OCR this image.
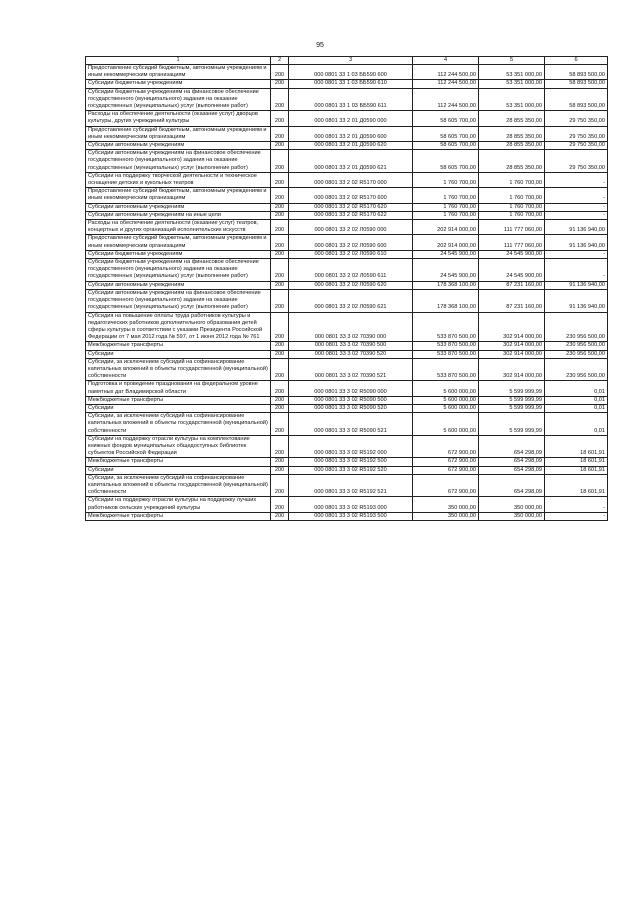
95
1	2	3	4	5	6
Предоставление субсидий бюджетным, автономным учреждениям и иным некоммерческим организациям	200	000 0801 33 1 03 ББ590 600	112 244 500,00	53 351 000,00	58 893 500,00
Субсидии бюджетным учреждениям	200	000 0801 33 1 03 ББ590 610	112 244 500,00	53 351 000,00	58 893 500,00
Субсидии бюджетным учреждениям на финансовое обеспечение государственного (муниципального) задания на оказание государственных (муниципальных) услуг (выполнение работ)	200	000 0801 33 1 03 ББ590 611	112 244 500,00	53 351 000,00	58 893 500,00
Расходы на обеспечение деятельности (оказание услуг) дворцов культуры, других учреждений культуры	200	000 0801 33 2 01 Д0590 000	58 605 700,00	28 855 350,00	29 750 350,00
Предоставление субсидий бюджетным, автономным учреждениям и иным некоммерческим организациям	200	000 0801 33 2 01 Д0590 600	58 605 700,00	28 855 350,00	29 750 350,00
Субсидии автономным учреждениям	200	000 0801 33 2 01 Д0590 620	58 605 700,00	28 855 350,00	29 750 350,00
Субсидии автономным учреждениям на финансовое обеспечение государственного (муниципального) задания на оказание государственных (муниципальных) услуг (выполнение работ)	200	000 0801 33 2 01 Д0590 621	58 605 700,00	28 855 350,00	29 750 350,00
Субсидии на поддержку творческой деятельности и техническое оснащение детских и кукольных театров	200	000 0801 33 2 02 R5170 000	1 760 700,00	1 760 700,00	-
Предоставление субсидий бюджетным, автономным учреждениям и иным некоммерческим организациям	200	000 0801 33 2 02 R5170 600	1 760 700,00	1 760 700,00	-
Субсидии автономным учреждениям	200	000 0801 33 2 02 R5170 620	1 760 700,00	1 760 700,00	-
Субсидии автономным учреждениям на иные цели	200	000 0801 33 2 02 R5170 622	1 760 700,00	1 760 700,00	-
Расходы на обеспечение деятельности (оказание услуг) театров, концертных и других организаций исполнительских искусств	200	000 0801 33 2 02 Л0590 000	202 914 000,00	111 777 060,00	91 136 940,00
Предоставление субсидий бюджетным, автономным учреждениям и иным некоммерческим организациям	200	000 0801 33 2 02 Л0590 600	202 914 000,00	111 777 060,00	91 136 940,00
Субсидии бюджетным учреждениям	200	000 0801 33 2 02 Л0590 610	24 545 900,00	24 545 900,00	-
Субсидии бюджетным учреждениям на финансовое обеспечение государственного (муниципального) задания на оказание государственных (муниципальных) услуг (выполнение работ)	200	000 0801 33 2 02 Л0590 611	24 545 900,00	24 545 900,00	-
Субсидии автономным учреждениям	200	000 0801 33 2 02 Л0590 620	178 368 100,00	87 231 160,00	91 136 940,00
Субсидии автономным учреждениям на финансовое обеспечение государственного (муниципального) задания на оказание государственных (муниципальных) услуг (выполнение работ)	200	000 0801 33 2 02 Л0590 621	178 368 100,00	87 231 160,00	91 136 940,00
Субсидия на повышение оплаты труда работников культуры и педагогических работников дополнительного образования детей сферы культуры в соответствии с указами Президента Российской Федерации от 7 мая 2012 года № 597, от 1 июня 2012 года № 761	200	000 0801 33 3 02 70390 000	533 870 500,00	302 914 000,00	230 956 500,00
Межбюджетные трансферты	200	000 0801 33 3 02 70390 500	533 870 500,00	302 914 000,00	230 956 500,00
Субсидии	200	000 0801 33 3 02 70390 520	533 870 500,00	302 914 000,00	230 956 500,00
Субсидии, за исключением субсидий на софинансирование капитальных вложений в объекты государственной (муниципальной) собственности	200	000 0801 33 3 02 70390 521	533 870 500,00	302 914 000,00	230 956 500,00
Подготовка и проведение празднования на федеральном уровне памятных дат Владимирской области	200	000 0801 33 3 02 R5090 000	5 600 000,00	5 599 999,99	0,01
Межбюджетные трансферты	200	000 0801 33 3 02 R5090 500	5 600 000,00	5 599 999,99	0,01
Субсидии	200	000 0801 33 3 02 R5090 520	5 600 000,00	5 599 999,99	0,01
Субсидии, за исключением субсидий на софинансирование капитальных вложений в объекты государственной (муниципальной) собственности	200	000 0801 33 3 02 R5090 521	5 600 000,00	5 599 999,99	0,01
Субсидии на поддержку отрасли культуры на комплектование книжных фондов муниципальных общедоступных библиотек субъектов Российской Федерации	200	000 0801 33 3 02 R5192 000	672 900,00	654 298,09	18 601,91
Межбюджетные трансферты	200	000 0801 33 3 02 R5192 500	672 900,00	654 298,09	18 601,91
Субсидии	200	000 0801 33 3 02 R5192 520	672 900,00	654 298,09	18 601,91
Субсидии, за исключением субсидий на софинансирование капитальных вложений в объекты государственной (муниципальной) собственности	200	000 0801 33 3 02 R5192 521	672 900,00	654 298,09	18 601,91
Субсидии на поддержку отрасли культуры на поддержку лучших работников сельских учреждений культуры	200	000 0801 33 3 02 R5193 000	350 000,00	350 000,00	-
Межбюджетные трансферты	200	000 0801 33 3 02 R5193 500	350 000,00	350 000,00	-
